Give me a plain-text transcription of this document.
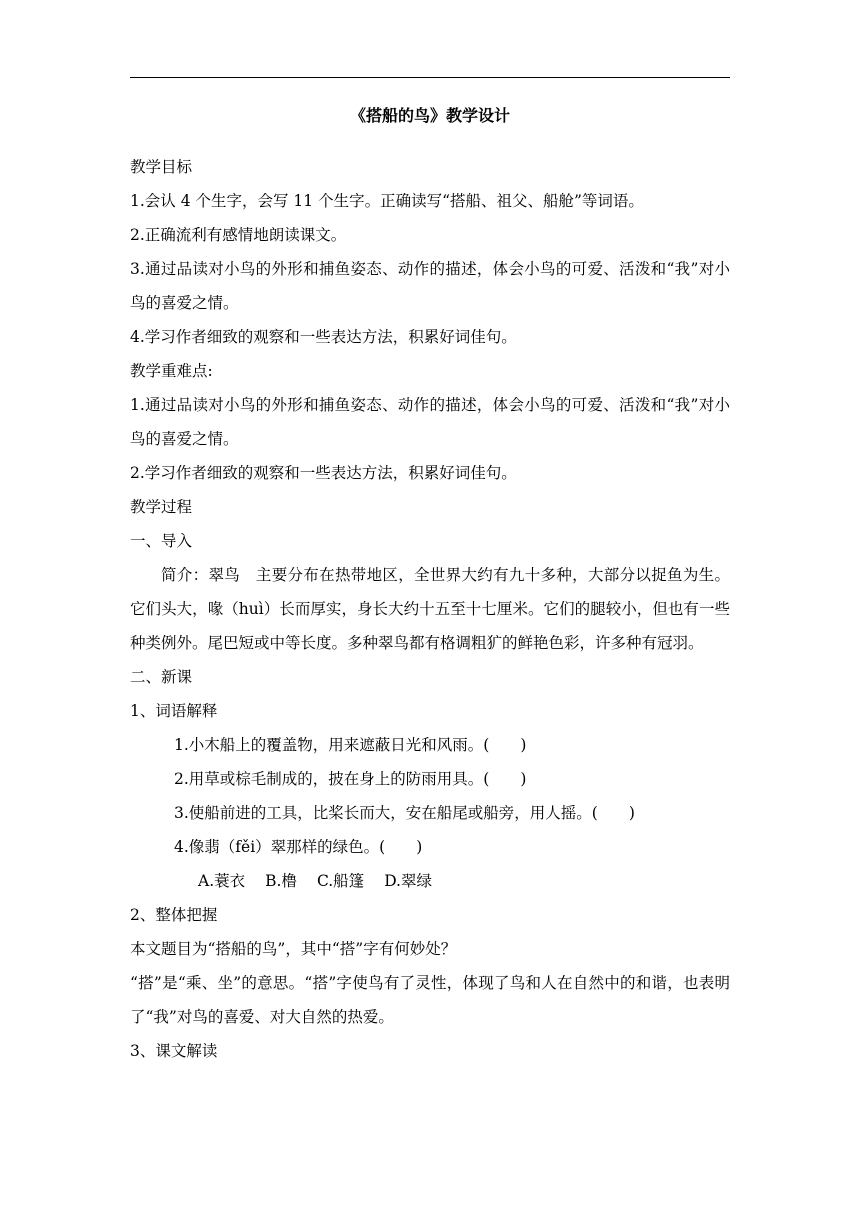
《搭船的鸟》教学设计
教学目标
1.会认 4 个生字，会写 11 个生字。正确读写“搭船、祖父、船舱”等词语。
2.正确流利有感情地朗读课文。
3.通过品读对小鸟的外形和捕鱼姿态、动作的描述，体会小鸟的可爱、活泼和“我”对小鸟的喜爱之情。
4.学习作者细致的观察和一些表达方法，积累好词佳句。
教学重难点:
1.通过品读对小鸟的外形和捕鱼姿态、动作的描述，体会小鸟的可爱、活泼和“我”对小鸟的喜爱之情。
2.学习作者细致的观察和一些表达方法，积累好词佳句。
教学过程
一、导入
简介：翠鸟　主要分布在热带地区，全世界大约有九十多种，大部分以捉鱼为生。它们头大，喙（huì）长而厚实，身长大约十五至十七厘米。它们的腿较小，但也有一些种类例外。尾巴短或中等长度。多种翠鸟都有格调粗犷的鲜艳色彩，许多种有冠羽。
二、新课
1、词语解释
1.小木船上的覆盖物，用来遮蔽日光和风雨。(　　)
2.用草或棕毛制成的，披在身上的防雨用具。(　　)
3.使船前进的工具，比桨长而大，安在船尾或船旁，用人摇。(　　)
4.像翡（fěi）翠那样的绿色。(　　)
A.蓑衣 B.橹 C.船篷 D.翠绿
2、整体把握
本文题目为“搭船的鸟”，其中“搭”字有何妙处？
“搭”是“乘、坐”的意思。“搭”字使鸟有了灵性，体现了鸟和人在自然中的和谐，也表明了“我”对鸟的喜爱、对大自然的热爱。
3、课文解读
